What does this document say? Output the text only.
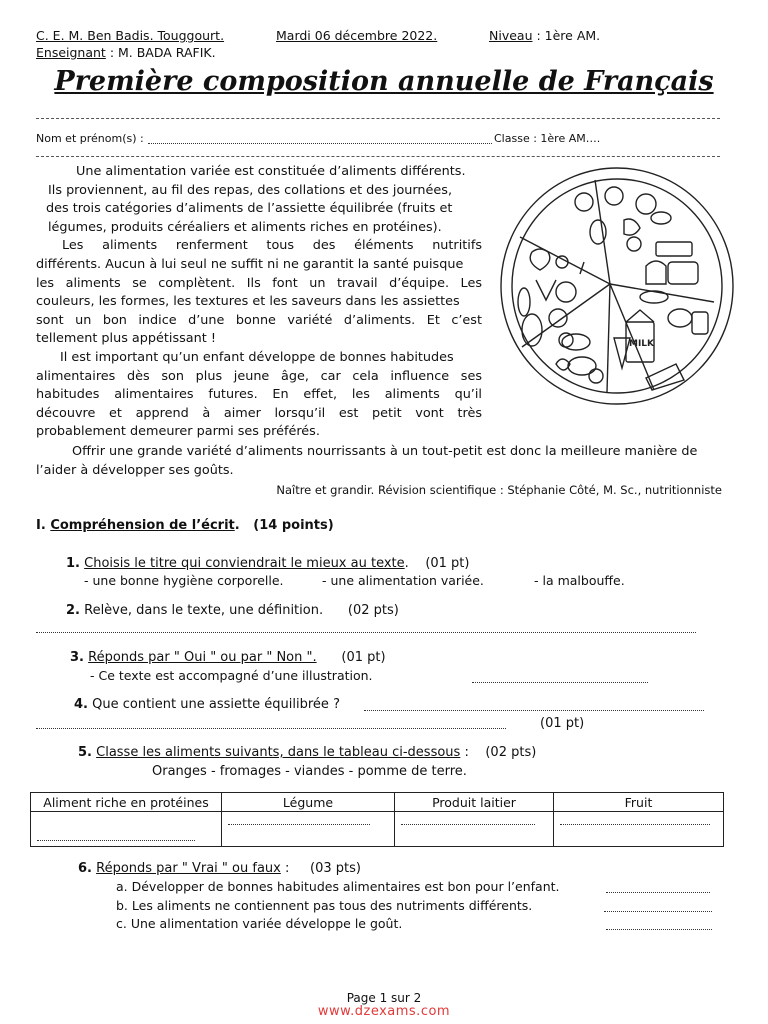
C. E. M. Ben Badis. Touggourt.	Mardi 06 décembre 2022.	Niveau : 1ère AM.
Enseignant : M. BADA RAFIK.
Première composition annuelle de Français
Nom et prénom(s) :	Classe : 1ère AM….
Une alimentation variée est constituée d’aliments différents.
Ils proviennent, au fil des repas, des collations et des journées,
des trois catégories d’aliments de l’assiette équilibrée (fruits et
légumes, produits céréaliers et aliments riches en protéines).
Les aliments renferment tous des éléments nutritifs
différents. Aucun à lui seul ne suffit ni ne garantit la santé puisque
les aliments se complètent. Ils font un travail d’équipe. Les
couleurs, les formes, les textures et les saveurs dans les assiettes
sont un bon indice d’une bonne variété d’aliments. Et c’est
tellement plus appétissant !
Il est important qu’un enfant développe de bonnes habitudes
alimentaires dès son plus jeune âge, car cela influence ses
habitudes alimentaires futures. En effet, les aliments qu’il
découvre et apprend à aimer lorsqu’il est petit vont très
probablement demeurer parmi ses préférés.
Offrir une grande variété d’aliments nourrissants à un tout-petit est donc la meilleure manière de
l’aider à développer ses goûts.
Naître et grandir. Révision scientifique : Stéphanie Côté, M. Sc., nutritionniste
MILK
I. Compréhension de l’écrit.   (14 points)
1. Choisis le titre qui conviendrait le mieux au texte.    (01 pt)
- une bonne hygiène corporelle.	- une alimentation variée.	- la malbouffe.
2. Relève, dans le texte, une définition. (02 pts)
3. Réponds par " Oui " ou par " Non ". (01 pt)
- Ce texte est accompagné d’une illustration.
4. Que contient une assiette équilibrée ?
(01 pt)
5. Classe les aliments suivants, dans le tableau ci-dessous : (02 pts)
Oranges - fromages - viandes - pomme de terre.
Aliment riche en protéines	Légume	Produit laitier	Fruit

6. Réponds par " Vrai " ou faux : (03 pts)
a. Développer de bonnes habitudes alimentaires est bon pour l’enfant.
b. Les aliments ne contiennent pas tous des nutriments différents.
c. Une alimentation variée développe le goût.
Page 1 sur 2
www.dzexams.com
